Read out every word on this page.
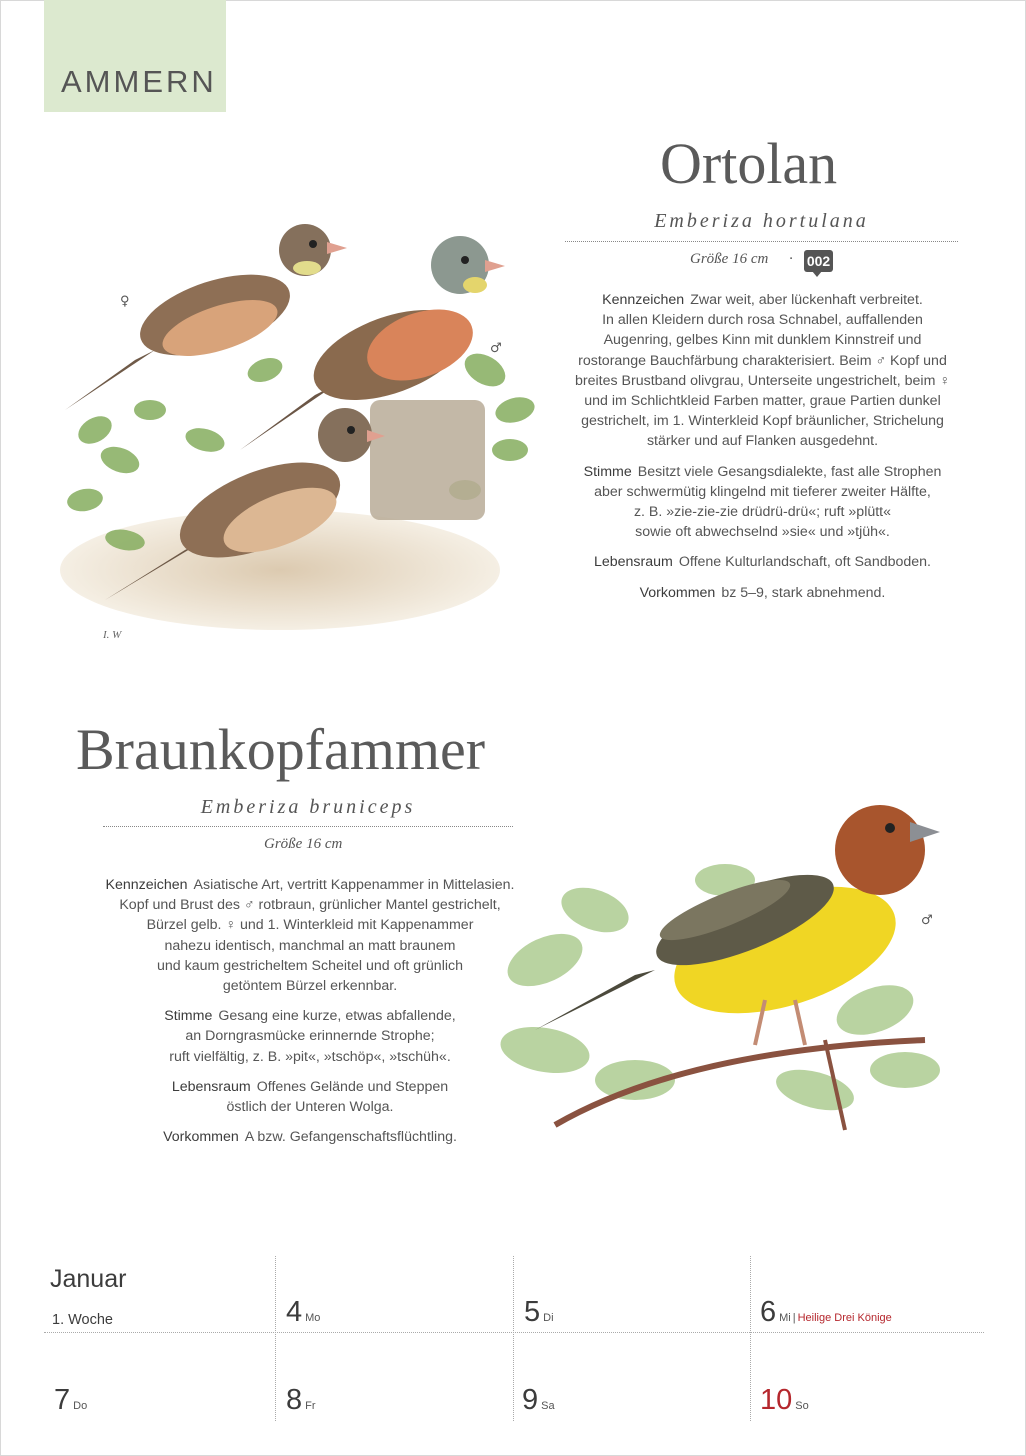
AMMERN
Ortolan
Emberiza hortulana
Größe 16 cm · 002

Kennzeichen Zwar weit, aber lückenhaft verbreitet.
In allen Kleidern durch rosa Schnabel, auffallenden
Augenring, gelbes Kinn mit dunklem Kinnstreif und
rostorange Bauchfärbung charakterisiert. Beim ♂ Kopf und
breites Brustband olivgrau, Unterseite ungestrichelt, beim ♀
und im Schlichtkleid Farben matter, graue Partien dunkel
gestrichelt, im 1. Winterkleid Kopf bräunlicher, Strichelung
stärker und auf Flanken ausgedehnt.

Stimme Besitzt viele Gesangsdialekte, fast alle Strophen
aber schwermütig klingelnd mit tieferer zweiter Hälfte,
z. B. »zie-zie-zie drüdrü-drü«; ruft »plütt«
sowie oft abwechselnd »sie« und »tjüh«.

Lebensraum Offene Kulturlandschaft, oft Sandboden.

Vorkommen bz 5–9, stark abnehmend.

♀
♂
I. W
Braunkopfammer
Emberiza bruniceps
Größe 16 cm

Kennzeichen Asiatische Art, vertritt Kappenammer in Mittelasien.
Kopf und Brust des ♂ rotbraun, grünlicher Mantel gestrichelt,
Bürzel gelb. ♀ und 1. Winterkleid mit Kappenammer
nahezu identisch, manchmal an matt braunem
und kaum gestricheltem Scheitel und oft grünlich
getöntem Bürzel erkennbar.

Stimme Gesang eine kurze, etwas abfallende,
an Dorngrasmücke erinnernde Strophe;
ruft vielfältig, z. B. »pit«, »tschöp«, »tschüh«.

Lebensraum Offenes Gelände und Steppen
östlich der Unteren Wolga.

Vorkommen A bzw. Gefangenschaftsflüchtling.

♂
Januar
1. Woche	4 Mo	5 Di	6 Mi | Heilige Drei Könige
7 Do	8 Fr	9 Sa	10 So
